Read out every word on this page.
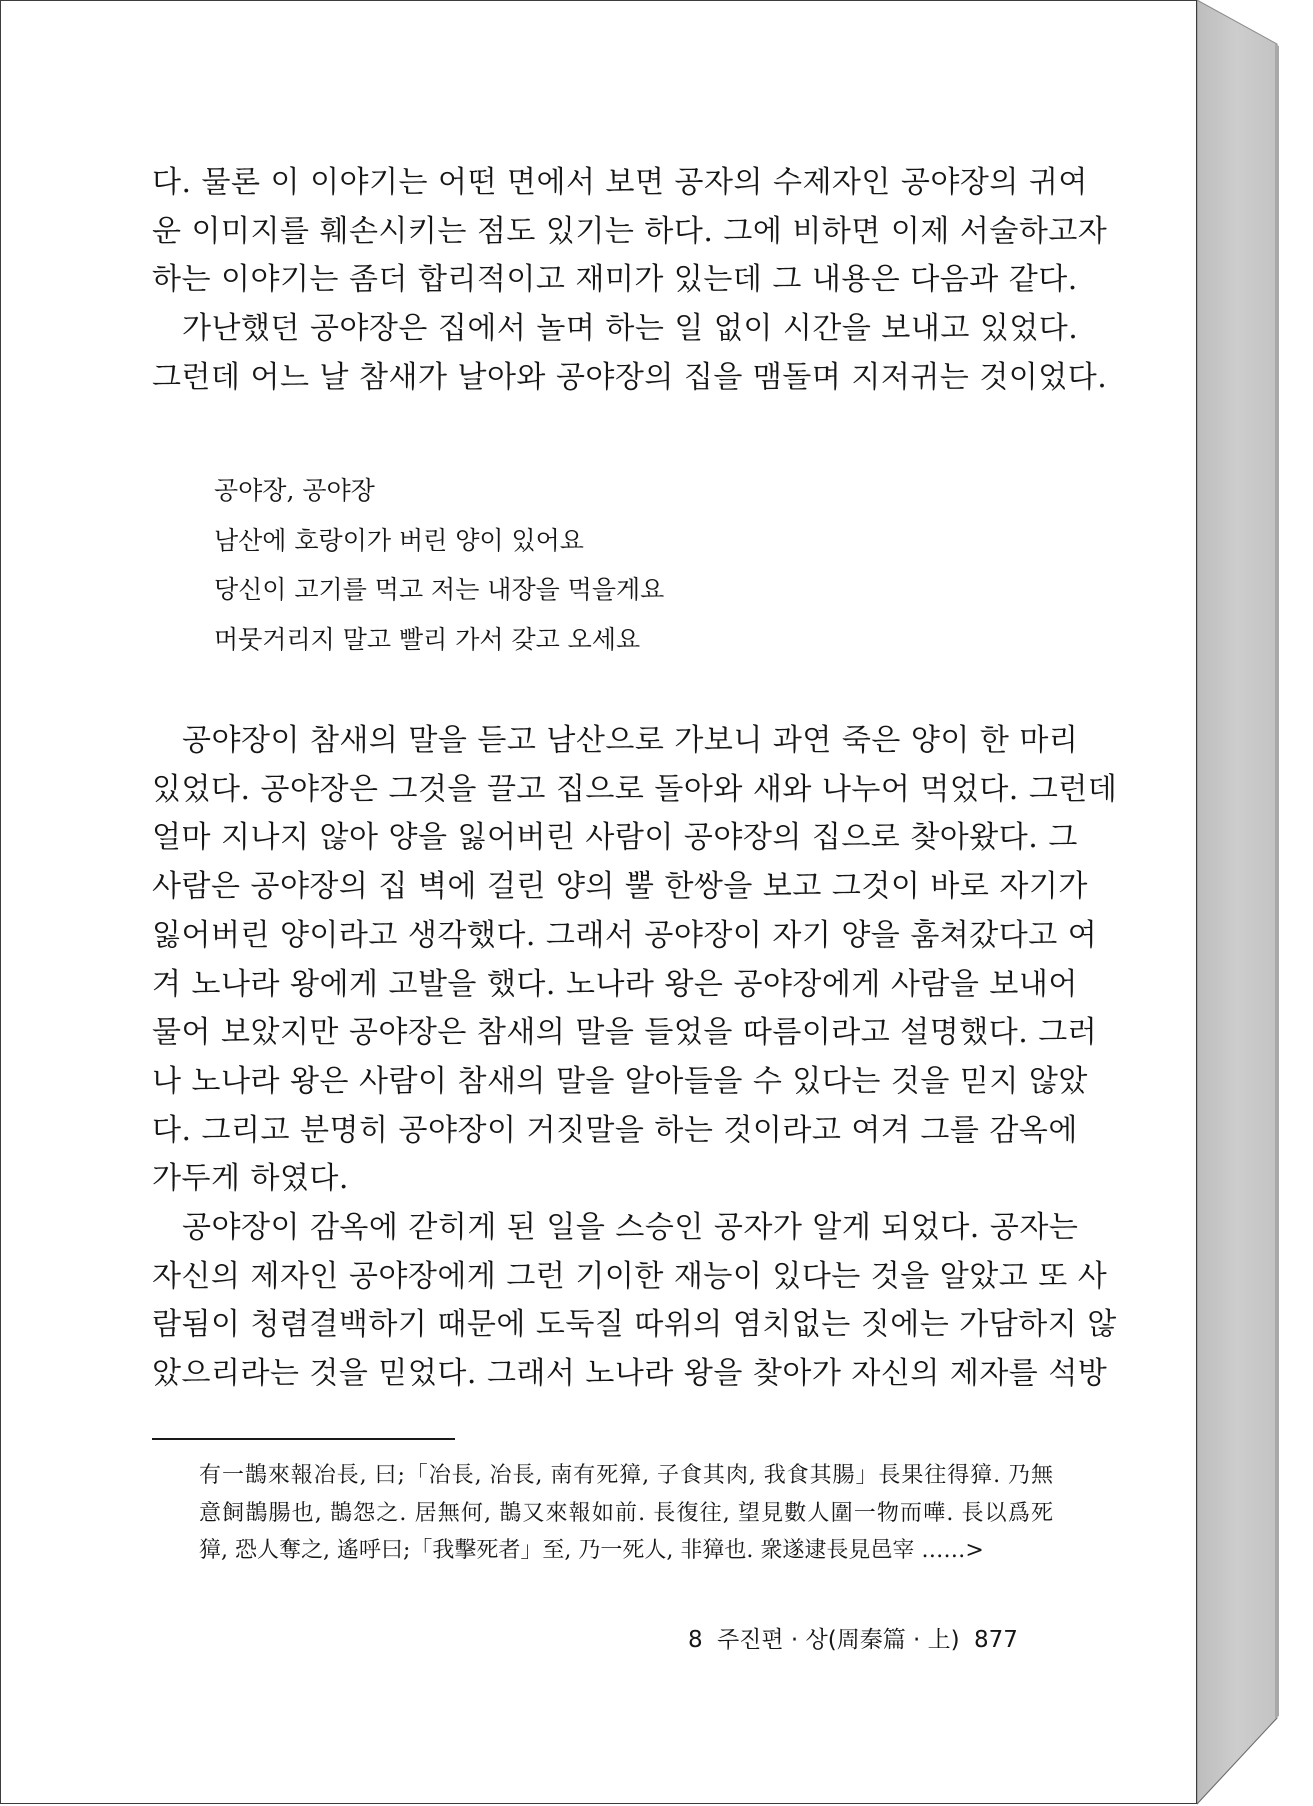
다. 물론 이 이야기는 어떤 면에서 보면 공자의 수제자인 공야장의 귀여

운 이미지를 훼손시키는 점도 있기는 하다. 그에 비하면 이제 서술하고자

하는 이야기는 좀더 합리적이고 재미가 있는데 그 내용은 다음과 같다.

가난했던 공야장은 집에서 놀며 하는 일 없이 시간을 보내고 있었다.

그런데 어느 날 참새가 날아와 공야장의 집을 맴돌며 지저귀는 것이었다.

공야장, 공야장

남산에 호랑이가 버린 양이 있어요

당신이 고기를 먹고 저는 내장을 먹을게요

머뭇거리지 말고 빨리 가서 갖고 오세요

공야장이 참새의 말을 듣고 남산으로 가보니 과연 죽은 양이 한 마리

있었다. 공야장은 그것을 끌고 집으로 돌아와 새와 나누어 먹었다. 그런데

얼마 지나지 않아 양을 잃어버린 사람이 공야장의 집으로 찾아왔다. 그

사람은 공야장의 집 벽에 걸린 양의 뿔 한쌍을 보고 그것이 바로 자기가

잃어버린 양이라고 생각했다. 그래서 공야장이 자기 양을 훔쳐갔다고 여

겨 노나라 왕에게 고발을 했다. 노나라 왕은 공야장에게 사람을 보내어

물어 보았지만 공야장은 참새의 말을 들었을 따름이라고 설명했다. 그러

나 노나라 왕은 사람이 참새의 말을 알아들을 수 있다는 것을 믿지 않았

다. 그리고 분명히 공야장이 거짓말을 하는 것이라고 여겨 그를 감옥에

가두게 하였다.

공야장이 감옥에 갇히게 된 일을 스승인 공자가 알게 되었다. 공자는

자신의 제자인 공야장에게 그런 기이한 재능이 있다는 것을 알았고 또 사

람됨이 청렴결백하기 때문에 도둑질 따위의 염치없는 짓에는 가담하지 않

았으리라는 것을 믿었다. 그래서 노나라 왕을 찾아가 자신의 제자를 석방

有一鵲來報冶長, 曰;「冶長, 冶長, 南有死獐, 子食其肉, 我食其腸」長果往得獐. 乃無

意飼鵲腸也, 鵲怨之. 居無何, 鵲又來報如前. 長復往, 望見數人圍一物而嘩. 長以爲死

獐, 恐人奪之, 遙呼曰;「我擊死者」至, 乃一死人, 非獐也. 衆遂逮長見邑宰 ……>

8 주진편 · 상(周秦篇 · 上) 877
